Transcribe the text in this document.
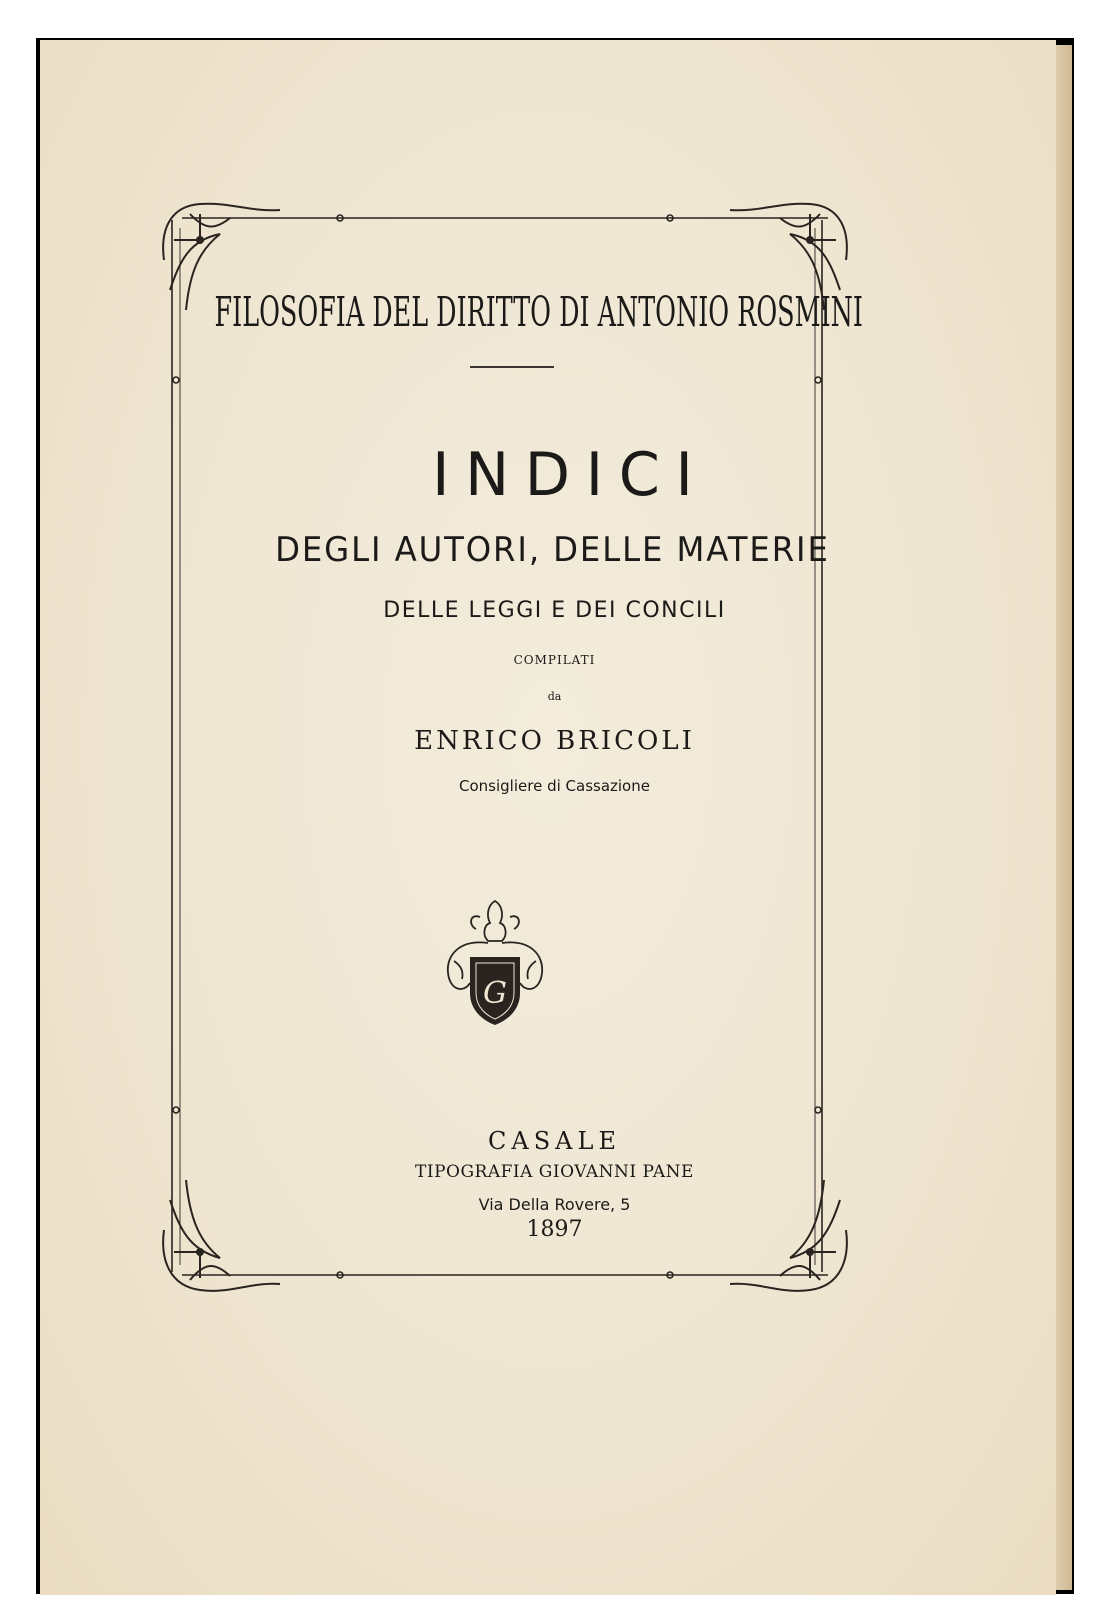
FILOSOFIA DEL DIRITTO DI ANTONIO ROSMINI
INDICI
DEGLI AUTORI, DELLE MATERIE
DELLE LEGGI E DEI CONCILI
COMPILATI
da
ENRICO BRICOLI
Consigliere di Cassazione
G
CASALE
TIPOGRAFIA GIOVANNI PANE
Via Della Rovere, 5
1897
